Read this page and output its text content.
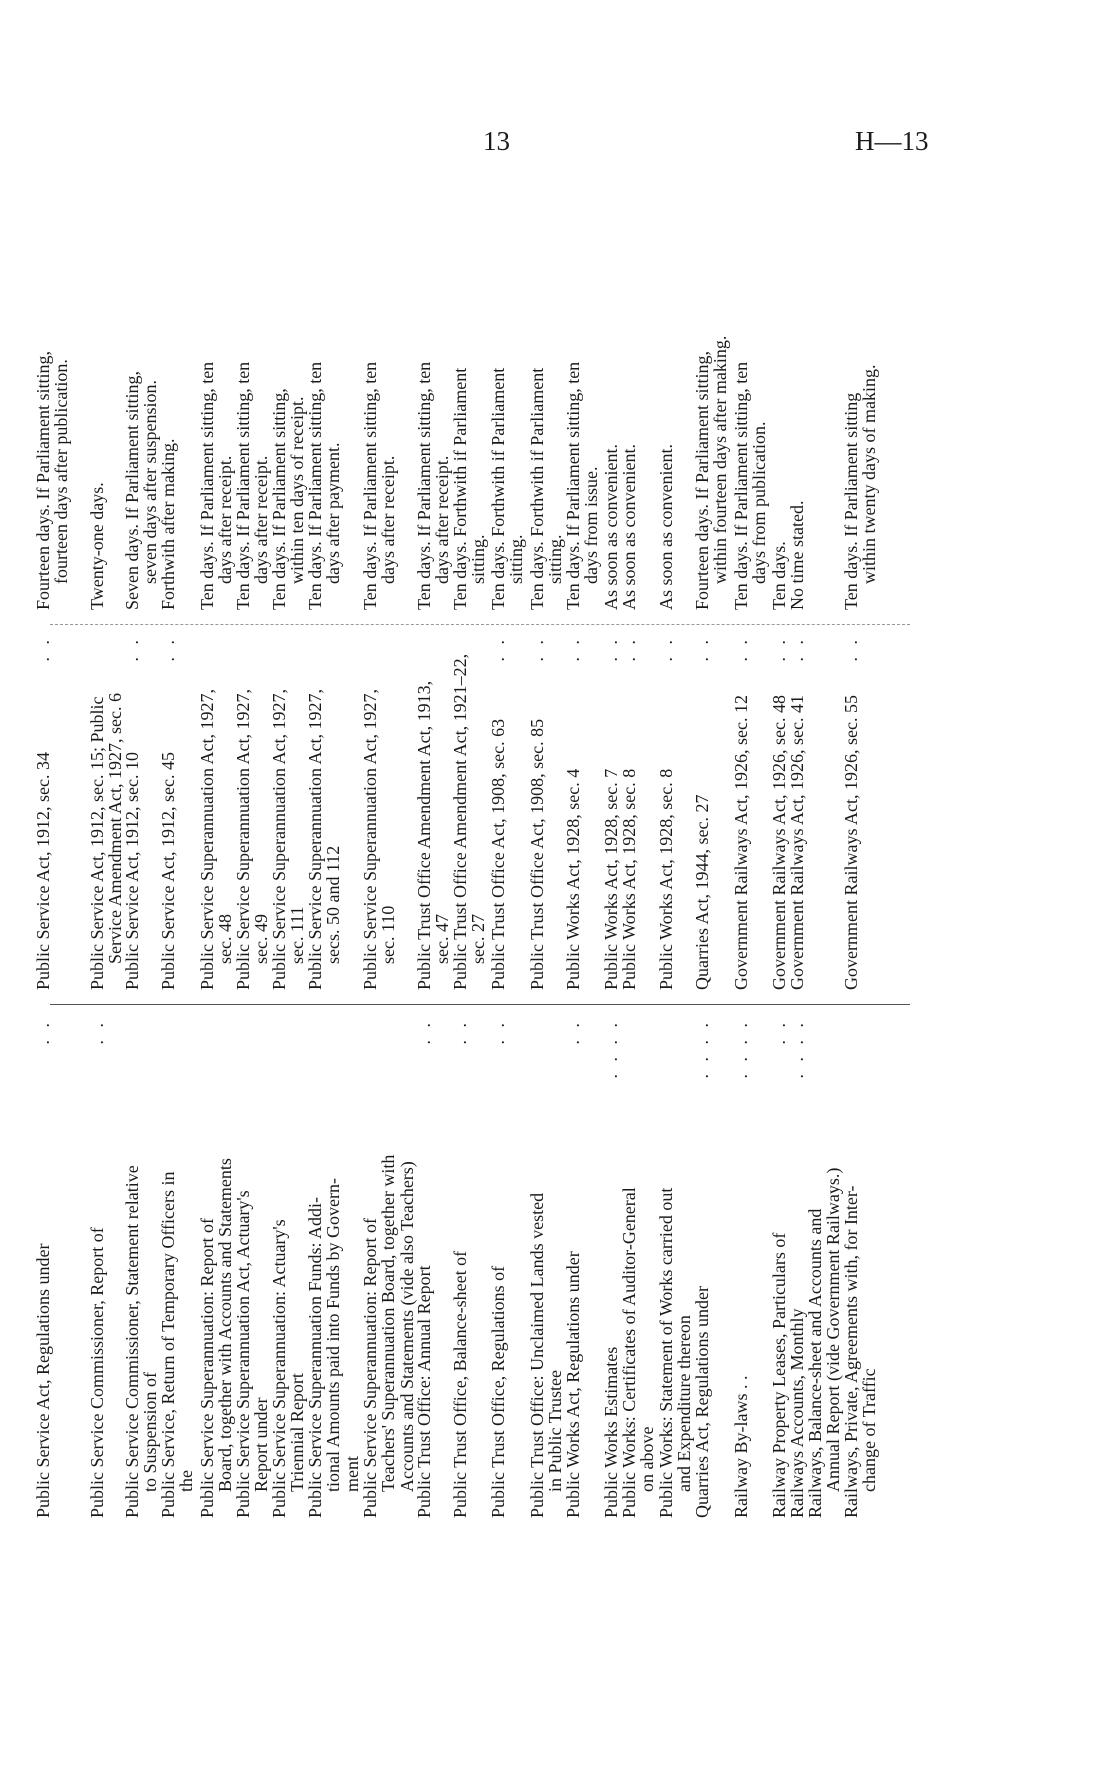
13	H—13
Public Service Act, Regulations under
. .
Public Service Act, 1912, sec. 34
. .
Fourteen days. If Parliament sitting,
fourteen days after publication.
Public Service Commissioner, Report of
. .
Public Service Act, 1912, sec. 15; Public
Service Amendment Act, 1927, sec. 6
Twenty-one days.
Public Service Commissioner, Statement relative
to Suspension of
Public Service Act, 1912, sec. 10
. .
Seven days. If Parliament sitting,
seven days after suspension.
Public Service, Return of Temporary Officers in
the
Public Service Act, 1912, sec. 45
. .
Forthwith after making.
Public Service Superannuation: Report of
Board, together with Accounts and Statements
Public Service Superannuation Act, 1927,
sec. 48
Ten days. If Parliament sitting, ten
days after receipt.
Public Service Superannuation Act, Actuary's
Report under
Public Service Superannuation Act, 1927,
sec. 49
Ten days. If Parliament sitting, ten
days after receipt.
Public Service Superannuation: Actuary's
Triennial Report
Public Service Superannuation Act, 1927,
sec. 111
Ten days. If Parliament sitting,
within ten days of receipt.
Public Service Superannuation Funds: Addi-
tional Amounts paid into Funds by Govern-
ment
Public Service Superannuation Act, 1927,
secs. 50 and 112
Ten days. If Parliament sitting, ten
days after payment.
Public Service Superannuation: Report of
Teachers' Superannuation Board, together with
Accounts and Statements (vide also Teachers)
Public Service Superannuation Act, 1927,
sec. 110
Ten days. If Parliament sitting, ten
days after receipt.
Public Trust Office: Annual Report
. .
Public Trust Office Amendment Act, 1913,
sec. 47
Ten days. If Parliament sitting, ten
days after receipt.
Public Trust Office, Balance-sheet of
. .
Public Trust Office Amendment Act, 1921–22,
sec. 27
Ten days. Forthwith if Parliament
sitting.
Public Trust Office, Regulations of
. .
Public Trust Office Act, 1908, sec. 63
. .
Ten days. Forthwith if Parliament
sitting.
Public Trust Office: Unclaimed Lands vested
in Public Trustee
Public Trust Office Act, 1908, sec. 85
. .
Ten days. Forthwith if Parliament
sitting.
Public Works Act, Regulations under
. .
Public Works Act, 1928, sec. 4
. .
Ten days. If Parliament sitting, ten
days from issue.
Public Works Estimates
. . . .
Public Works Act, 1928, sec. 7
. .
As soon as convenient.
Public Works: Certificates of Auditor-General
on above
Public Works Act, 1928, sec. 8
. .
As soon as convenient.
Public Works: Statement of Works carried out
and Expenditure thereon
Public Works Act, 1928, sec. 8
. .
As soon as convenient.
Quarries Act, Regulations under
. . . .
Quarries Act, 1944, sec. 27
. .
Fourteen days. If Parliament sitting,
within fourteen days after making.
Railway By-laws . .
. . . .
Government Railways Act, 1926, sec. 12
. .
Ten days. If Parliament sitting, ten
days from publication.
Railway Property Leases, Particulars of
. .
Government Railways Act, 1926, sec. 48
. .
Ten days.
Railways Accounts, Monthly
. . . .
Government Railways Act, 1926, sec. 41
. .
No time stated.
Railways, Balance-sheet and Accounts and
Annual Report (vide Government Railways.)
Railways, Private, Agreements with, for Inter-
change of Traffic
Government Railways Act, 1926, sec. 55
. .
Ten days. If Parliament sitting
within twenty days of making.
